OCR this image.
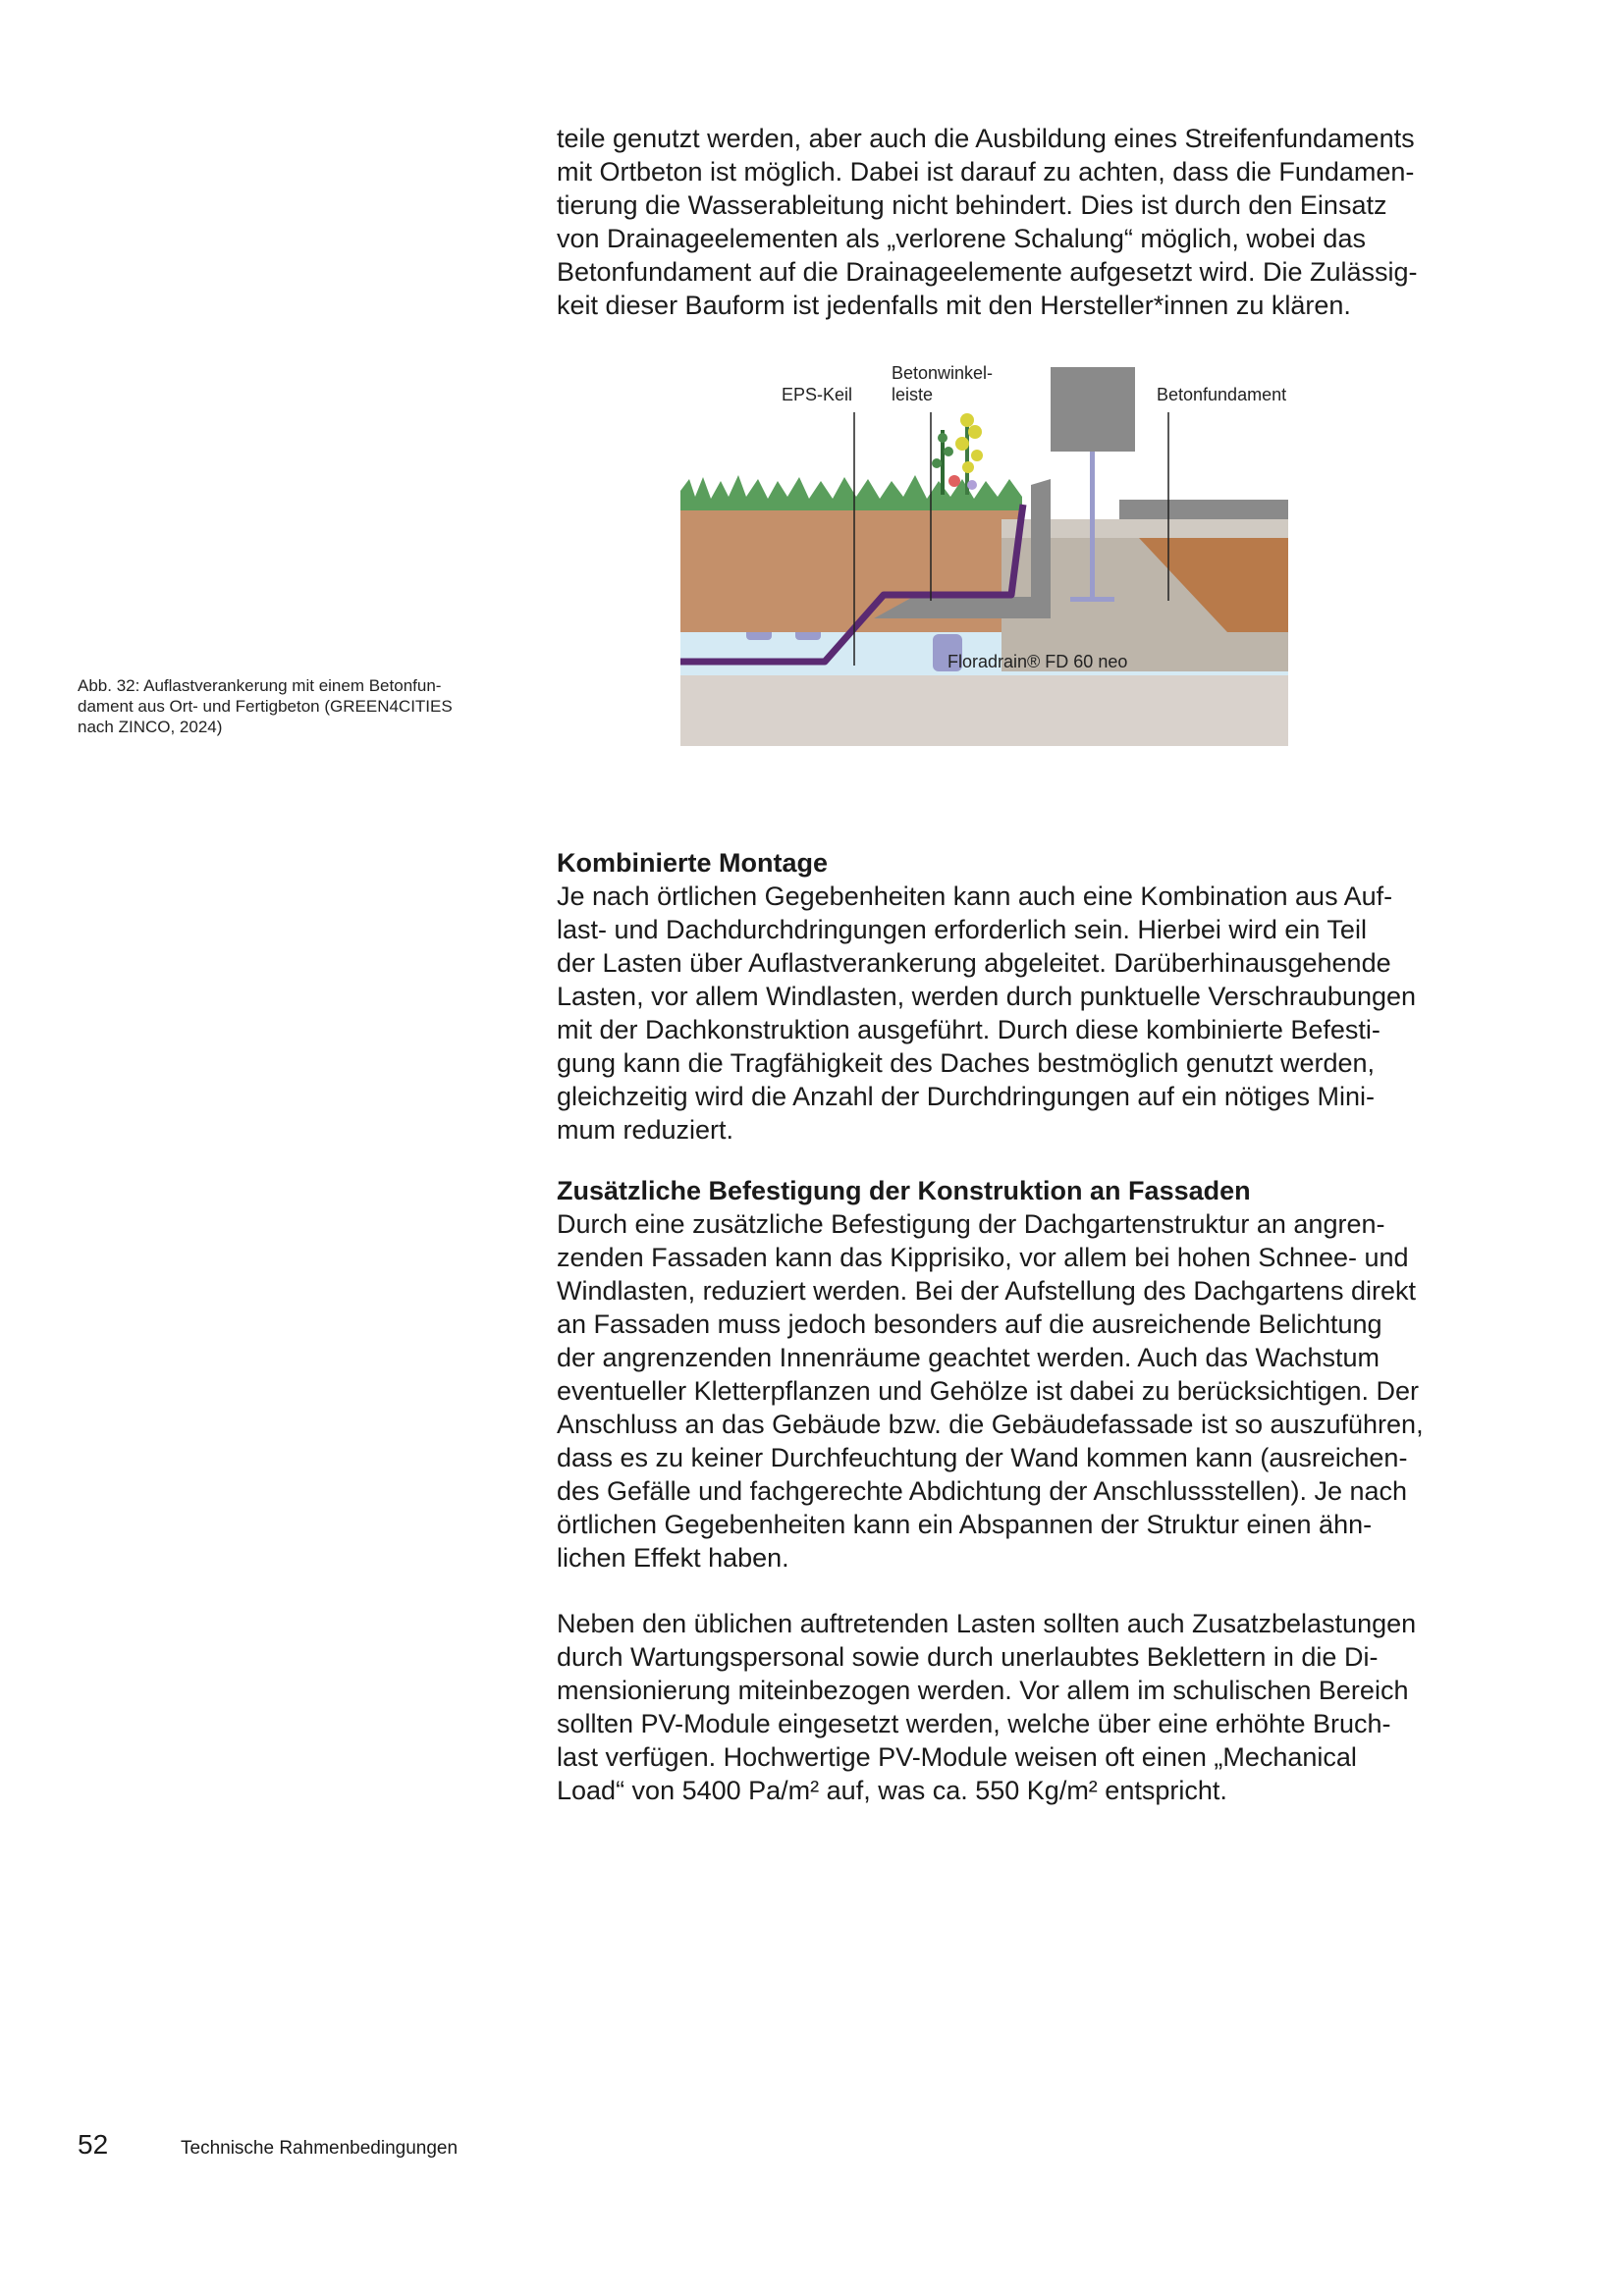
teile genutzt werden, aber auch die Ausbildung eines Streifenfundaments
mit Ortbeton ist möglich. Dabei ist darauf zu achten, dass die Fundamen-
tierung die Wasserableitung nicht behindert. Dies ist durch den Einsatz
von Drainageelementen als „verlorene Schalung“ möglich, wobei das
Betonfundament auf die Drainageelemente aufgesetzt wird. Die Zulässig-
keit dieser Bauform ist jedenfalls mit den Hersteller*innen zu klären.
EPS-Keil
Betonwinkel-
leiste	Betonfundament
Floradrain® FD 60 neo
Abb. 32: Auflastverankerung mit einem Betonfun-
dament aus Ort- und Fertigbeton (GREEN4CITIES
nach ZINCO, 2024)
Kombinierte Montage
Je nach örtlichen Gegebenheiten kann auch eine Kombination aus Auf-
last- und Dachdurchdringungen erforderlich sein. Hierbei wird ein Teil
der Lasten über Auflastverankerung abgeleitet. Darüberhinausgehende
Lasten, vor allem Windlasten, werden durch punktuelle Verschraubungen
mit der Dachkonstruktion ausgeführt. Durch diese kombinierte Befesti-
gung kann die Tragfähigkeit des Daches bestmöglich genutzt werden,
gleichzeitig wird die Anzahl der Durchdringungen auf ein nötiges Mini-
mum reduziert.
Zusätzliche Befestigung der Konstruktion an Fassaden
Durch eine zusätzliche Befestigung der Dachgartenstruktur an angren-
zenden Fassaden kann das Kipprisiko, vor allem bei hohen Schnee- und
Windlasten, reduziert werden. Bei der Aufstellung des Dachgartens direkt
an Fassaden muss jedoch besonders auf die ausreichende Belichtung
der angrenzenden Innenräume geachtet werden. Auch das Wachstum
eventueller Kletterpflanzen und Gehölze ist dabei zu berücksichtigen. Der
Anschluss an das Gebäude bzw. die Gebäudefassade ist so auszuführen,
dass es zu keiner Durchfeuchtung der Wand kommen kann (ausreichen-
des Gefälle und fachgerechte Abdichtung der Anschlussstellen). Je nach
örtlichen Gegebenheiten kann ein Abspannen der Struktur einen ähn-
lichen Effekt haben.
Neben den üblichen auftretenden Lasten sollten auch Zusatzbelastungen
durch Wartungspersonal sowie durch unerlaubtes Beklettern in die Di-
mensionierung miteinbezogen werden. Vor allem im schulischen Bereich
sollten PV-Module eingesetzt werden, welche über eine erhöhte Bruch-
last verfügen. Hochwertige PV-Module weisen oft einen „Mechanical
Load“ von 5400 Pa/m² auf, was ca. 550 Kg/m² entspricht.
52	Technische Rahmenbedingungen
